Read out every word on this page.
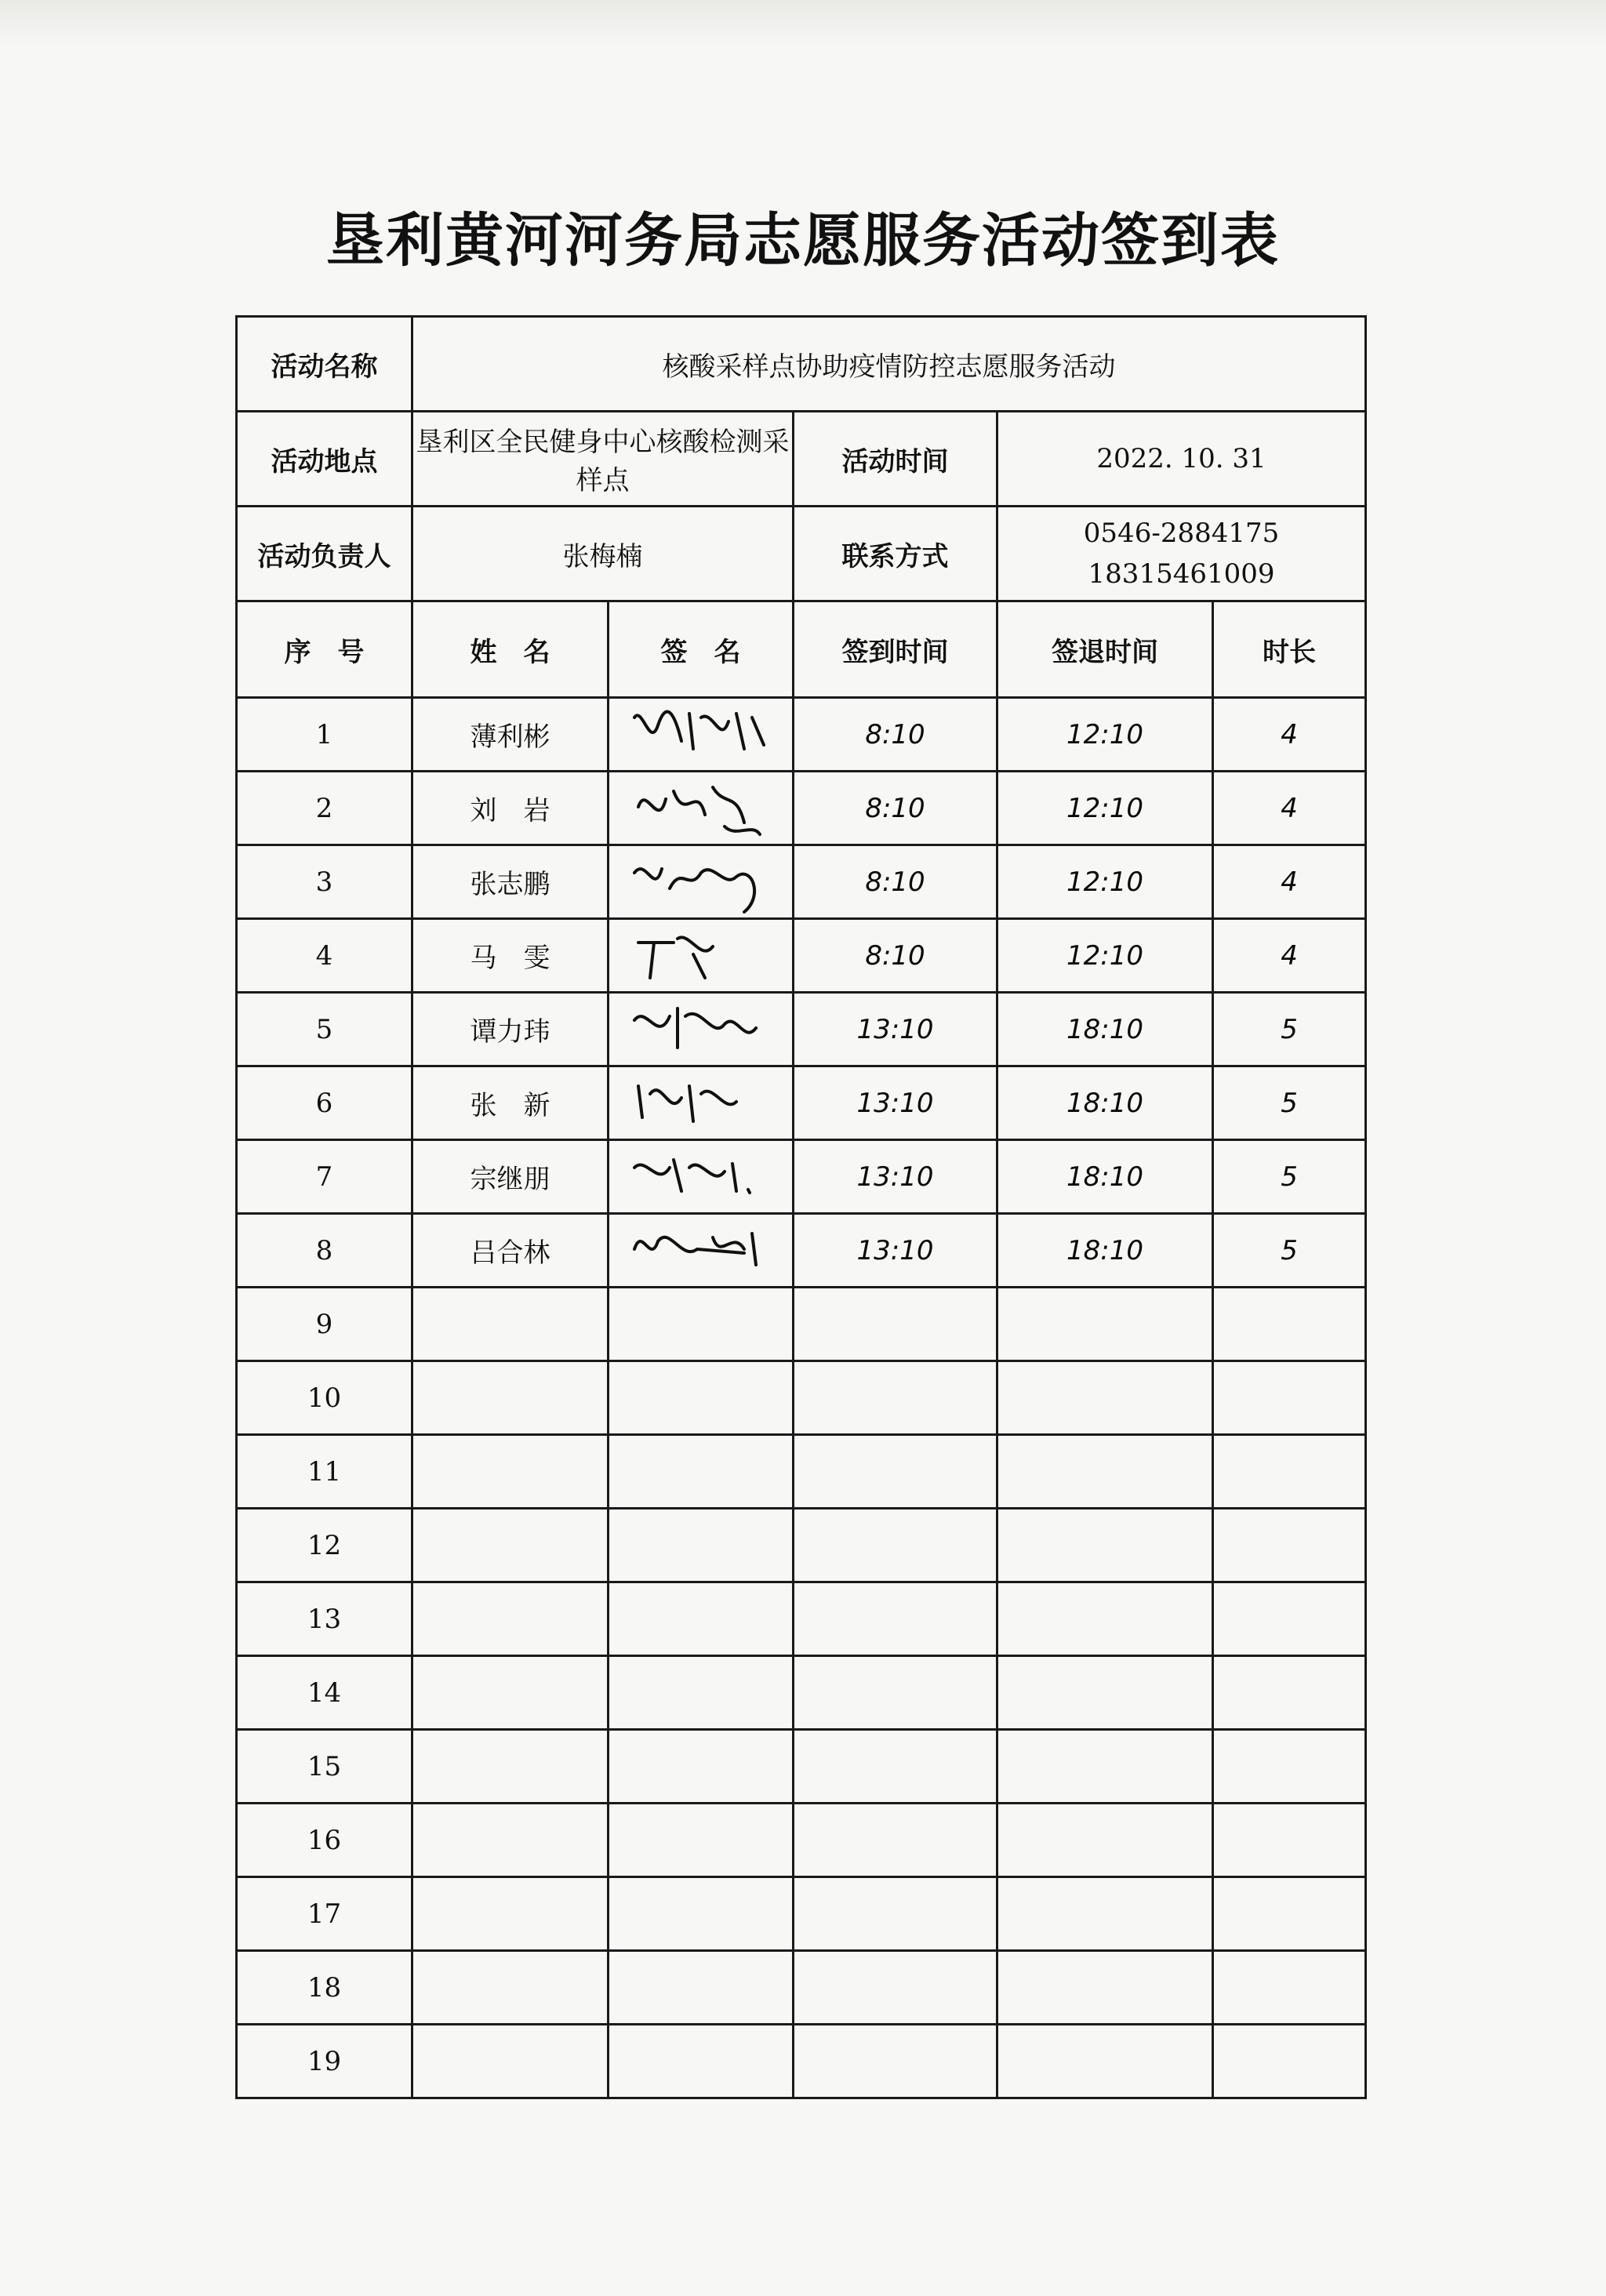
垦利黄河河务局志愿服务活动签到表
活动名称	核酸采样点协助疫情防控志愿服务活动				
活动地点	垦利区全民健身中心核酸检测采样点		活动时间	2022. 10. 31	
活动负责人	张梅楠		联系方式	0546-2884175
18315461009	

序　号	姓　名	签　名	签到时间	签退时间	时长
1	薄利彬		8:10	12:10	4
2	刘　岩		8:10	12:10	4
3	张志鹏		8:10	12:10	4
4	马　雯		8:10	12:10	4
5	谭力玮		13:10	18:10	5
6	张　新		13:10	18:10	5
7	宗继朋		13:10	18:10	5
8	吕合林		13:10	18:10	5
9					
10					
11					
12					
13					
14					
15					
16					
17					
18					
19					
